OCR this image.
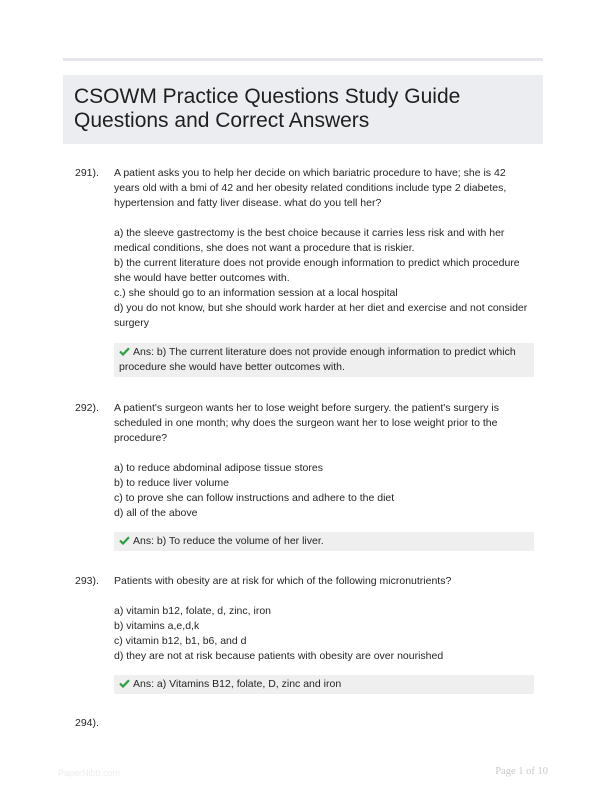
CSOWM Practice Questions Study Guide
Questions and Correct Answers
291). A patient asks you to help her decide on which bariatric procedure to have; she is 42
years old with a bmi of 42 and her obesity related conditions include type 2 diabetes,
hypertension and fatty liver disease. what do you tell her?
a) the sleeve gastrectomy is the best choice because it carries less risk and with her
medical conditions, she does not want a procedure that is riskier.
b) the current literature does not provide enough information to predict which procedure
she would have better outcomes with.
c.) she should go to an information session at a local hospital
d) you do not know, but she should work harder at her diet and exercise and not consider
surgery
Ans: b) The current literature does not provide enough information to predict which
procedure she would have better outcomes with.
292). A patient's surgeon wants her to lose weight before surgery. the patient's surgery is
scheduled in one month; why does the surgeon want her to lose weight prior to the
procedure?
a) to reduce abdominal adipose tissue stores
b) to reduce liver volume
c) to prove she can follow instructions and adhere to the diet
d) all of the above
Ans: b) To reduce the volume of her liver.
293). Patients with obesity are at risk for which of the following micronutrients?
a) vitamin b12, folate, d, zinc, iron
b) vitamins a,e,d,k
c) vitamin b12, b1, b6, and d
d) they are not at risk because patients with obesity are over nourished
Ans: a) Vitamins B12, folate, D, zinc and iron
294).
PaperNibb.com	Page 1 of 10
